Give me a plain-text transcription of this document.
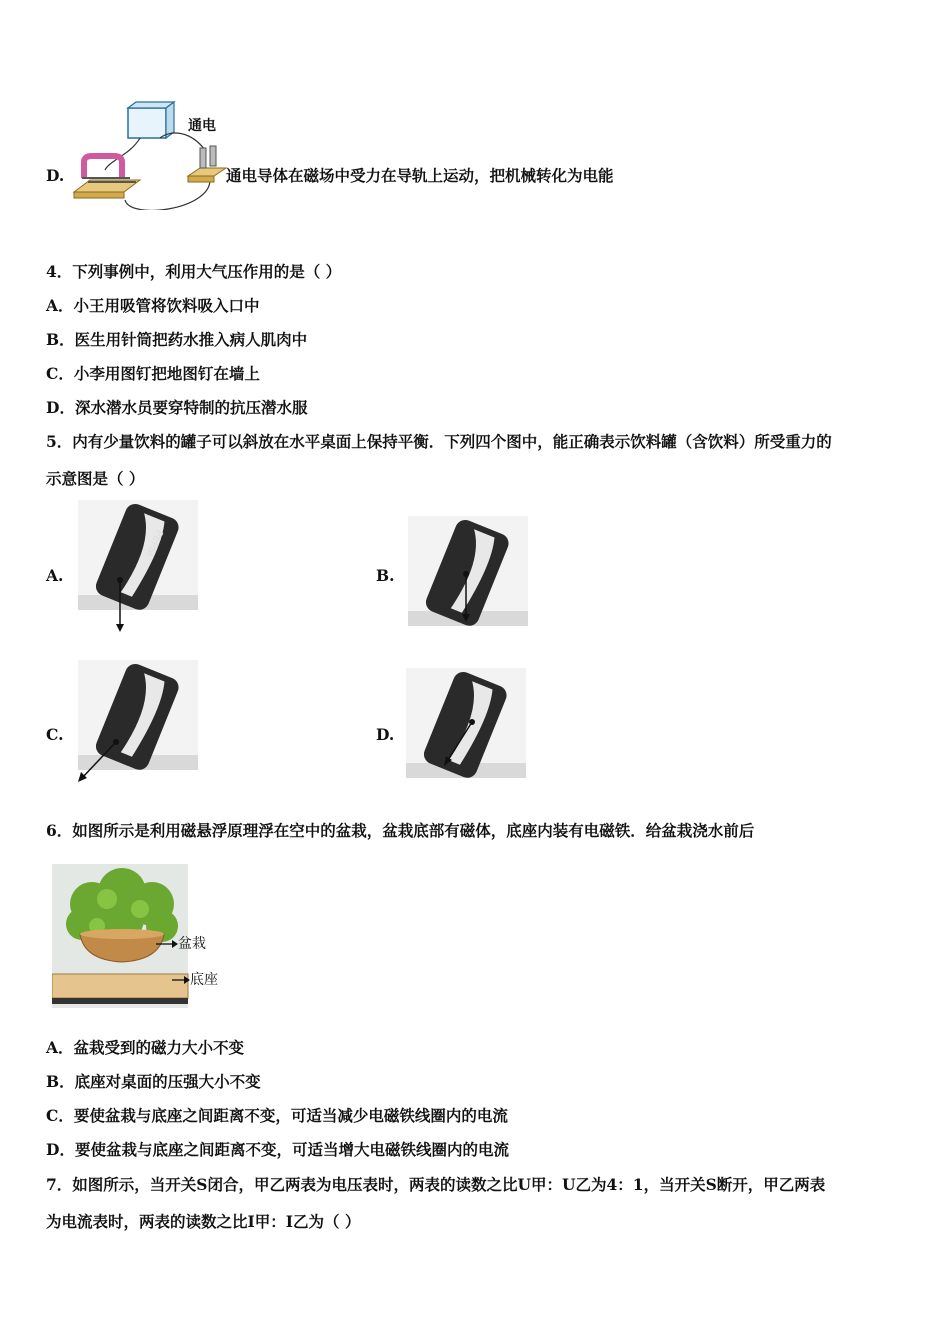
D.
通电
通电导体在磁场中受力在导轨上运动，把机械转化为电能
4．下列事例中，利用大气压作用的是（ ）
A．小王用吸管将饮料吸入口中
B．医生用针筒把药水推入病人肌肉中
C．小李用图钉把地图钉在墙上
D．深水潜水员要穿特制的抗压潜水服
5．内有少量饮料的罐子可以斜放在水平桌面上保持平衡．下列四个图中，能正确表示饮料罐（含饮料）所受重力的
示意图是（ ）
A.
PEPSI
B.
C.	D.
6．如图所示是利用磁悬浮原理浮在空中的盆栽，盆栽底部有磁体，底座内装有电磁铁．给盆栽浇水前后
盆栽
底座
A．盆栽受到的磁力大小不变
B．底座对桌面的压强大小不变
C．要使盆栽与底座之间距离不变，可适当减少电磁铁线圈内的电流
D．要使盆栽与底座之间距离不变，可适当增大电磁铁线圈内的电流
7．如图所示，当开关S闭合，甲乙两表为电压表时，两表的读数之比U甲：U乙为4：1，当开关S断开，甲乙两表
为电流表时，两表的读数之比I甲：I乙为（ ）
